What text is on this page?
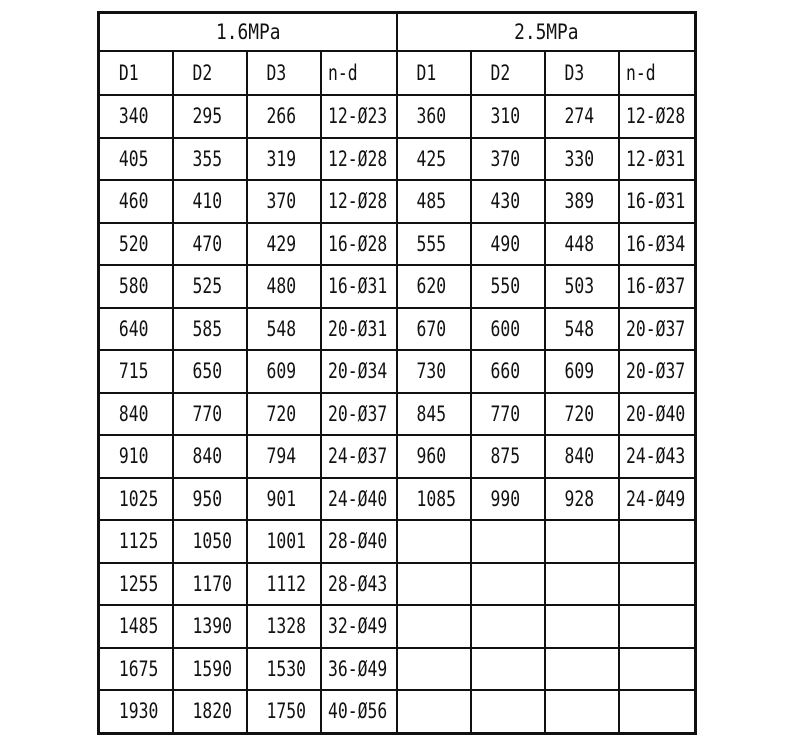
1.6MPa				2.5MPa			
D1	D2	D3	n-d	D1	D2	D3	n-d
340	295	266	12-Ø23	360	310	274	12-Ø28
405	355	319	12-Ø28	425	370	330	12-Ø31
460	410	370	12-Ø28	485	430	389	16-Ø31
520	470	429	16-Ø28	555	490	448	16-Ø34
580	525	480	16-Ø31	620	550	503	16-Ø37
640	585	548	20-Ø31	670	600	548	20-Ø37
715	650	609	20-Ø34	730	660	609	20-Ø37
840	770	720	20-Ø37	845	770	720	20-Ø40
910	840	794	24-Ø37	960	875	840	24-Ø43
1025	950	901	24-Ø40	1085	990	928	24-Ø49
1125	1050	1001	28-Ø40				
1255	1170	1112	28-Ø43				
1485	1390	1328	32-Ø49				
1675	1590	1530	36-Ø49				
1930	1820	1750	40-Ø56				
